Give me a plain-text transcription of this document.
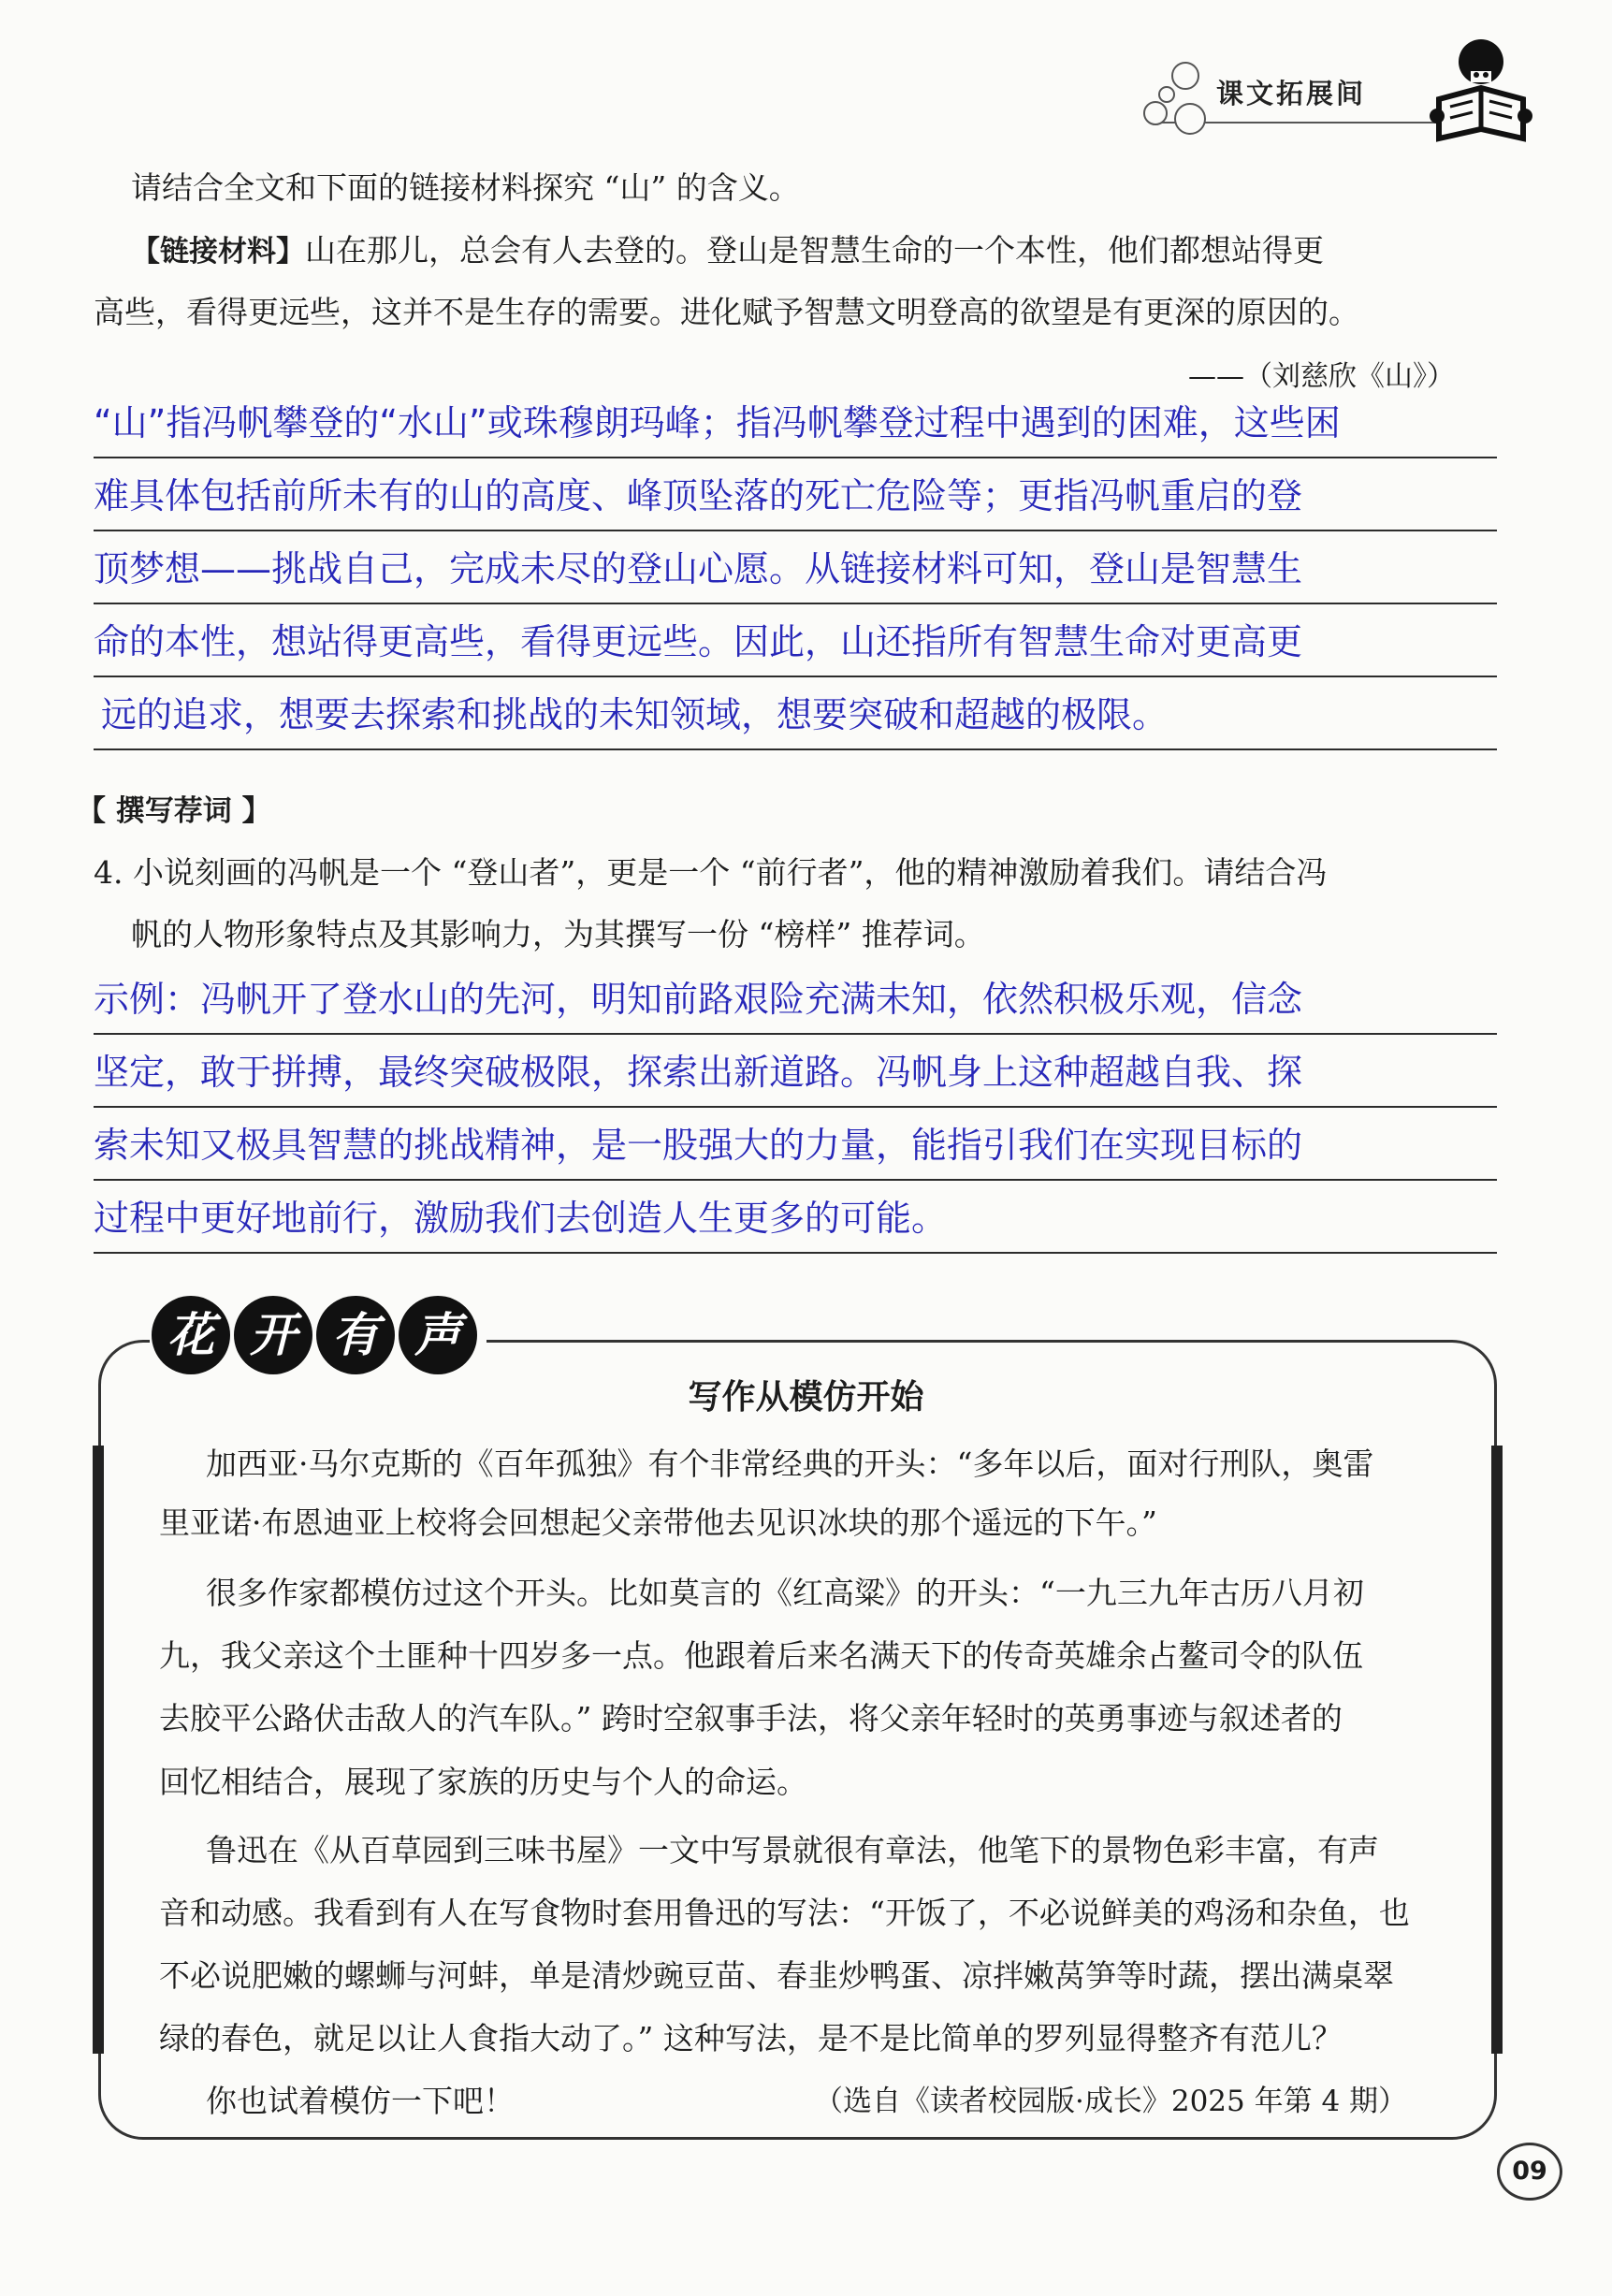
课文拓展间
请结合全文和下面的链接材料探究 “山” 的含义。
【链接材料】山在那儿，总会有人去登的。登山是智慧生命的一个本性，他们都想站得更
高些，看得更远些，这并不是生存的需要。进化赋予智慧文明登高的欲望是有更深的原因的。
——（刘慈欣《山》）
“山”指冯帆攀登的“水山”或珠穆朗玛峰；指冯帆攀登过程中遇到的困难，这些困
难具体包括前所未有的山的高度、峰顶坠落的死亡危险等；更指冯帆重启的登
顶梦想——挑战自己，完成未尽的登山心愿。从链接材料可知，登山是智慧生
命的本性，想站得更高些，看得更远些。因此，山还指所有智慧生命对更高更
远的追求，想要去探索和挑战的未知领域，想要突破和超越的极限。
【 撰写荐词 】
4. 小说刻画的冯帆是一个 “登山者”，更是一个 “前行者”，他的精神激励着我们。请结合冯
帆的人物形象特点及其影响力，为其撰写一份 “榜样” 推荐词。
示例：冯帆开了登水山的先河，明知前路艰险充满未知，依然积极乐观，信念
坚定，敢于拼搏，最终突破极限，探索出新道路。冯帆身上这种超越自我、探
索未知又极具智慧的挑战精神，是一股强大的力量，能指引我们在实现目标的
过程中更好地前行，激励我们去创造人生更多的可能。
花 开 有 声
写作从模仿开始
加西亚·马尔克斯的《百年孤独》有个非常经典的开头：“多年以后，面对行刑队，奥雷
里亚诺·布恩迪亚上校将会回想起父亲带他去见识冰块的那个遥远的下午。”
很多作家都模仿过这个开头。比如莫言的《红高粱》的开头：“一九三九年古历八月初
九，我父亲这个土匪种十四岁多一点。他跟着后来名满天下的传奇英雄余占鳌司令的队伍
去胶平公路伏击敌人的汽车队。” 跨时空叙事手法，将父亲年轻时的英勇事迹与叙述者的
回忆相结合，展现了家族的历史与个人的命运。
鲁迅在《从百草园到三味书屋》一文中写景就很有章法，他笔下的景物色彩丰富，有声
音和动感。我看到有人在写食物时套用鲁迅的写法：“开饭了，不必说鲜美的鸡汤和杂鱼，也
不必说肥嫩的螺蛳与河蚌，单是清炒豌豆苗、春韭炒鸭蛋、凉拌嫩莴笋等时蔬，摆出满桌翠
绿的春色，就足以让人食指大动了。” 这种写法，是不是比简单的罗列显得整齐有范儿？
你也试着模仿一下吧！	（选自《读者校园版·成长》2025 年第 4 期）
09
